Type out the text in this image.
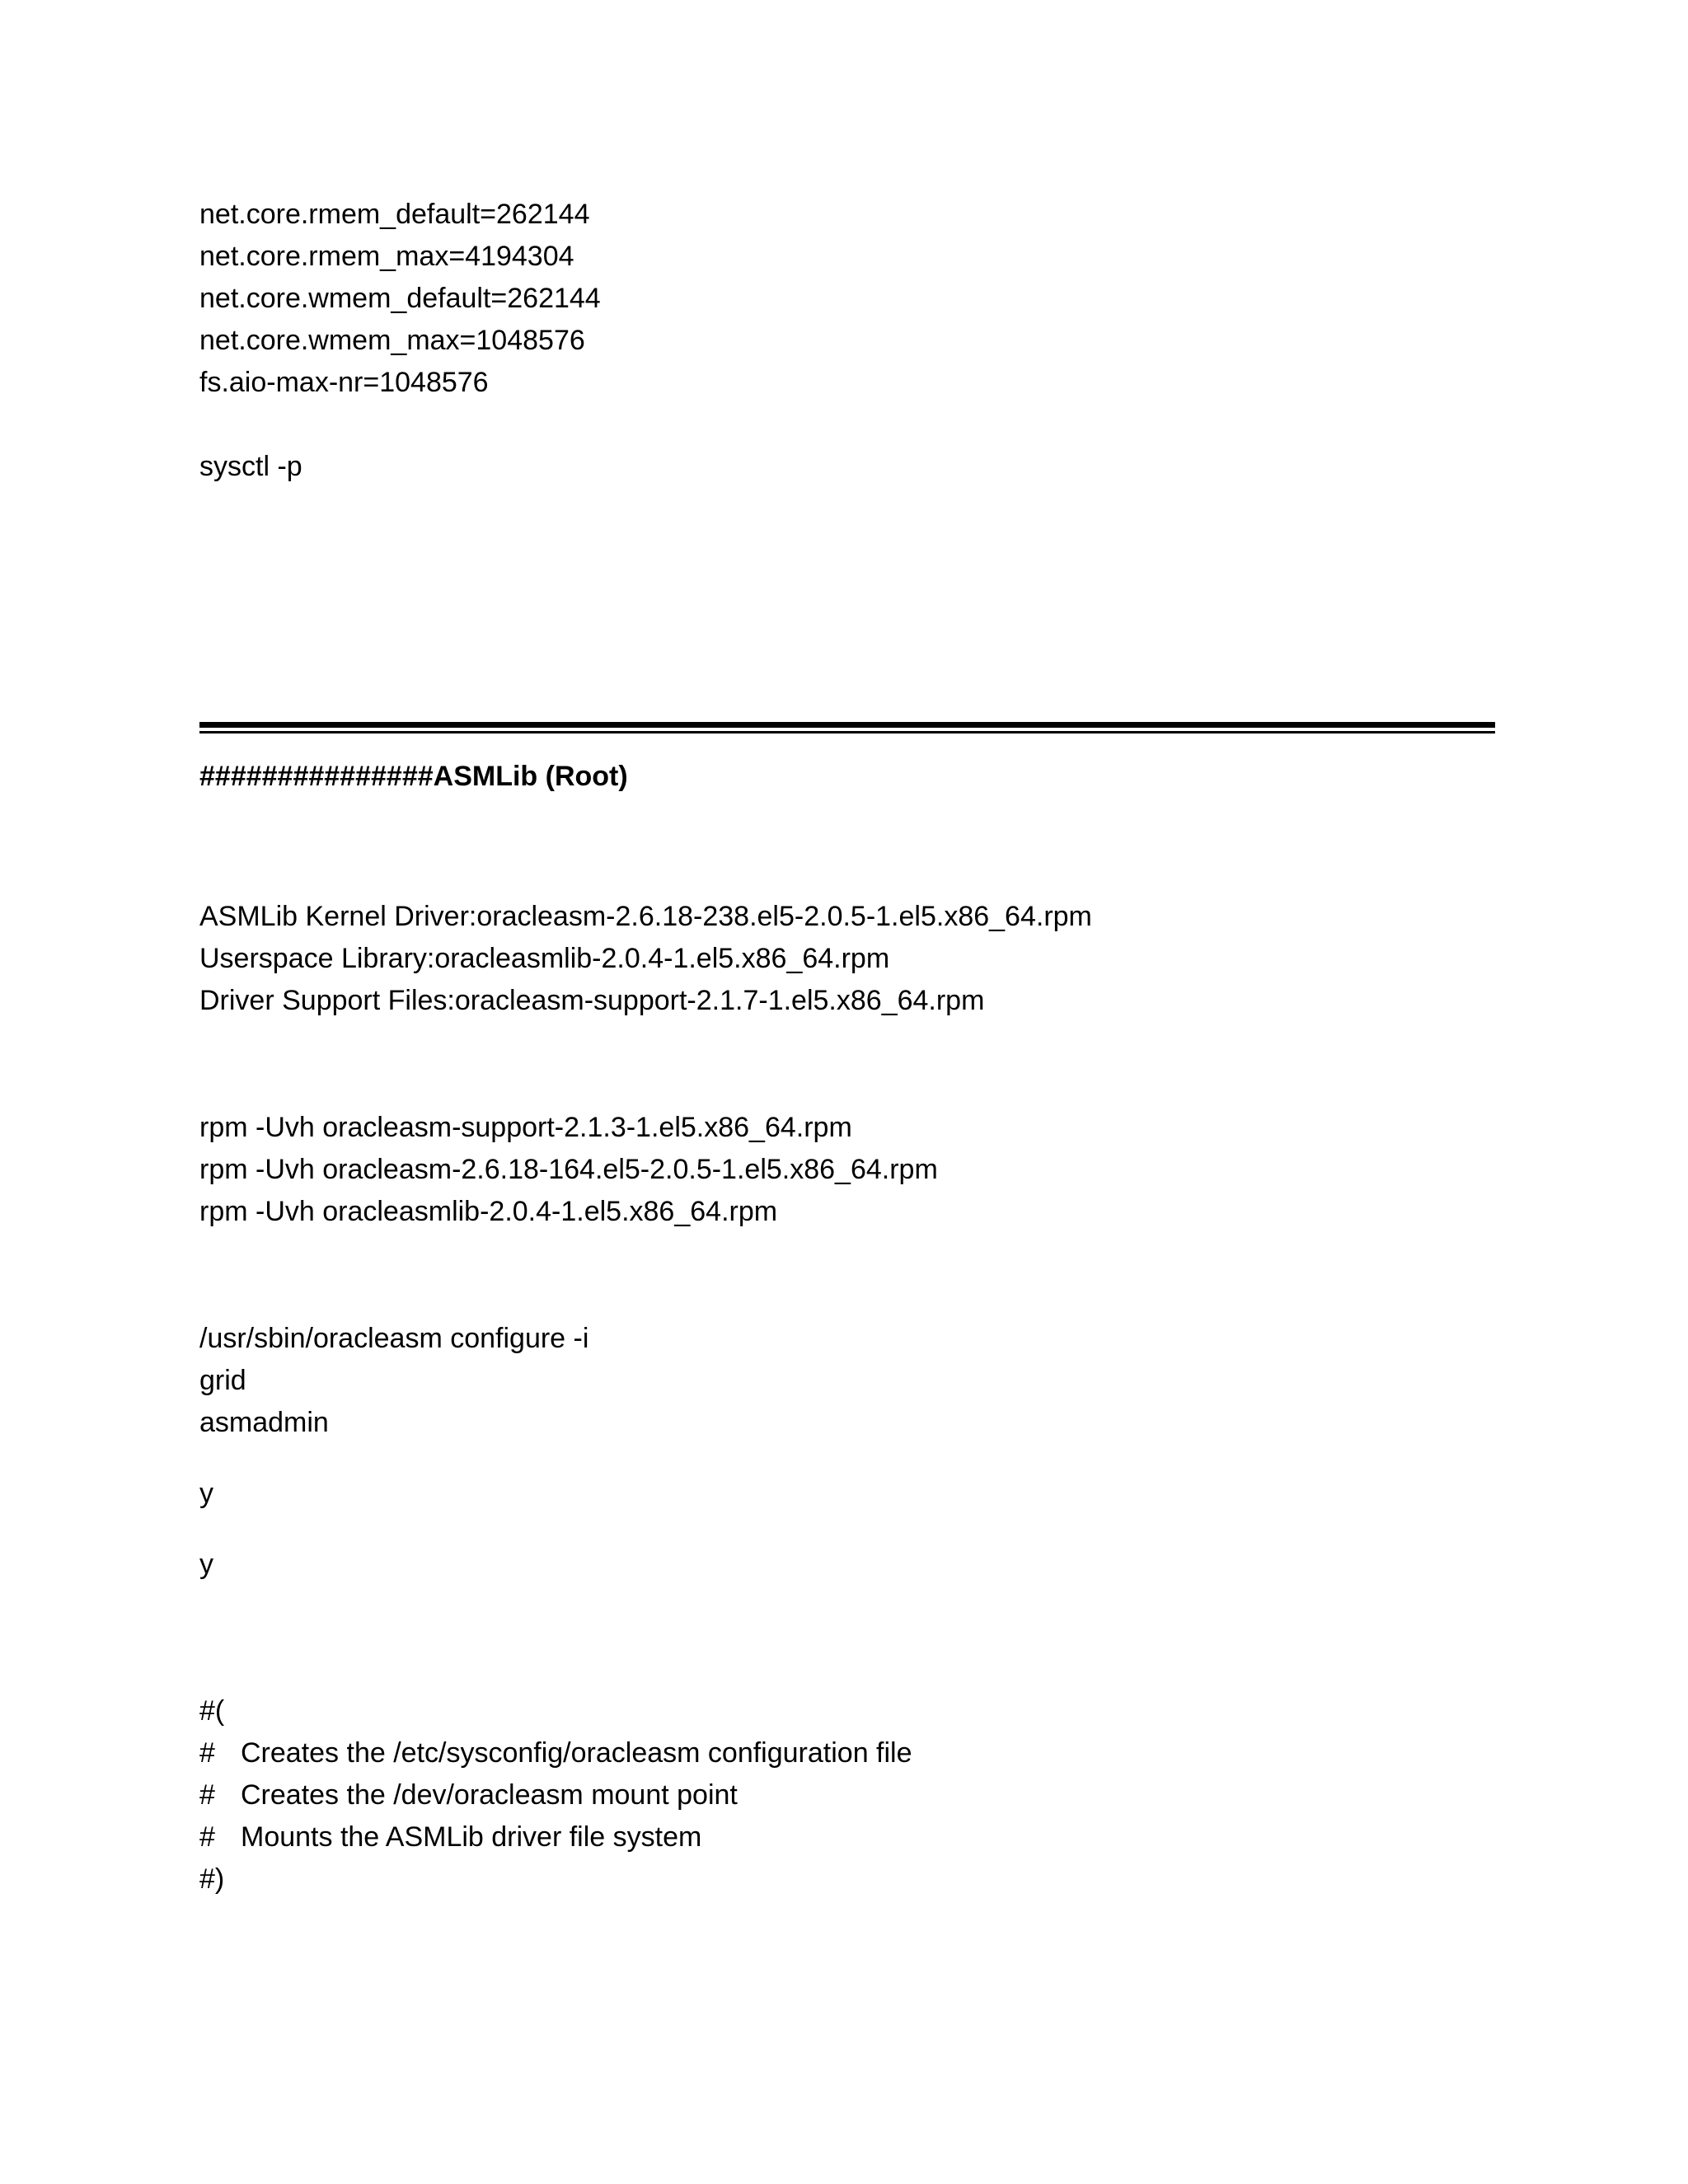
net.core.rmem_default=262144
net.core.rmem_max=4194304
net.core.wmem_default=262144
net.core.wmem_max=1048576
fs.aio-max-nr=1048576
sysctl -p
###############ASMLib (Root)
ASMLib Kernel Driver:oracleasm-2.6.18-238.el5-2.0.5-1.el5.x86_64.rpm
Userspace Library:oracleasmlib-2.0.4-1.el5.x86_64.rpm
Driver Support Files:oracleasm-support-2.1.7-1.el5.x86_64.rpm
rpm -Uvh oracleasm-support-2.1.3-1.el5.x86_64.rpm
rpm -Uvh oracleasm-2.6.18-164.el5-2.0.5-1.el5.x86_64.rpm
rpm -Uvh oracleasmlib-2.0.4-1.el5.x86_64.rpm
/usr/sbin/oracleasm configure -i
grid
asmadmin
y
y
#(
# Creates the /etc/sysconfig/oracleasm configuration file
# Creates the /dev/oracleasm mount point
# Mounts the ASMLib driver file system
#)
